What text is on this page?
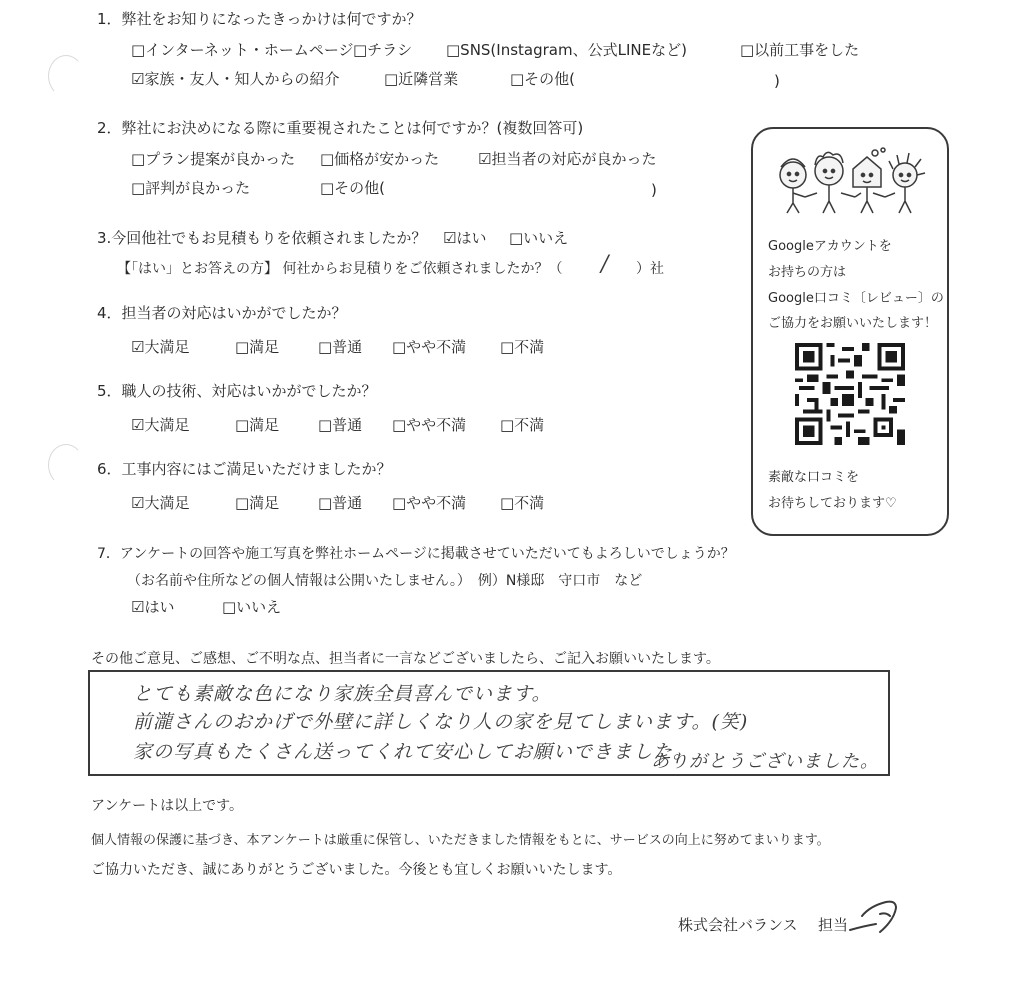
1．弊社をお知りになったきっかけは何ですか？
□インターネット・ホームページ □チラシ □SNS(Instagram、公式LINEなど)	□以前工事をした
☑家族・友人・知人からの紹介	□近隣営業	□その他(	)
2．弊社にお決めになる際に重要視されたことは何ですか？(複数回答可)
□プラン提案が良かった □価格が安かった	☑担当者の対応が良かった
□評判が良かった	□その他(	)
3.今回他社でもお見積もりを依頼されましたか？ ☑はい □いいえ
【「はい」とお答えの方】 何社からお見積りをご依頼されましたか？（ / ）社
4．担当者の対応はいかがでしたか？
☑大満足	□満足	□普通 □やや不満 □不満
5．職人の技術、対応はいかがでしたか？
☑大満足	□満足	□普通 □やや不満 □不満
6．工事内容にはご満足いただけましたか？
☑大満足	□満足	□普通 □やや不満 □不満
7．アンケートの回答や施工写真を弊社ホームページに掲載させていただいてもよろしいでしょうか？
（お名前や住所などの個人情報は公開いたしません。）　例）N様邸　守口市　など
☑はい	□いいえ
Googleアカウントを
お持ちの方は
Google口コミ〔レビュー〕の
ご協力をお願いいたします！
素敵な口コミを
お待ちしております♡
その他ご意見、ご感想、ご不明な点、担当者に一言などございましたら、ご記入お願いいたします。
とても素敵な色になり家族全員喜んでいます。
前瀧さんのおかげで外壁に詳しくなり人の家を見てしまいます。(笑)
家の写真もたくさん送ってくれて安心してお願いできました。
ありがとうございました。
アンケートは以上です。
個人情報の保護に基づき、本アンケートは厳重に保管し、いただきました情報をもとに、サービスの向上に努めてまいります。
ご協力いただき、誠にありがとうございました。今後とも宜しくお願いいたします。
株式会社バランス 担当
